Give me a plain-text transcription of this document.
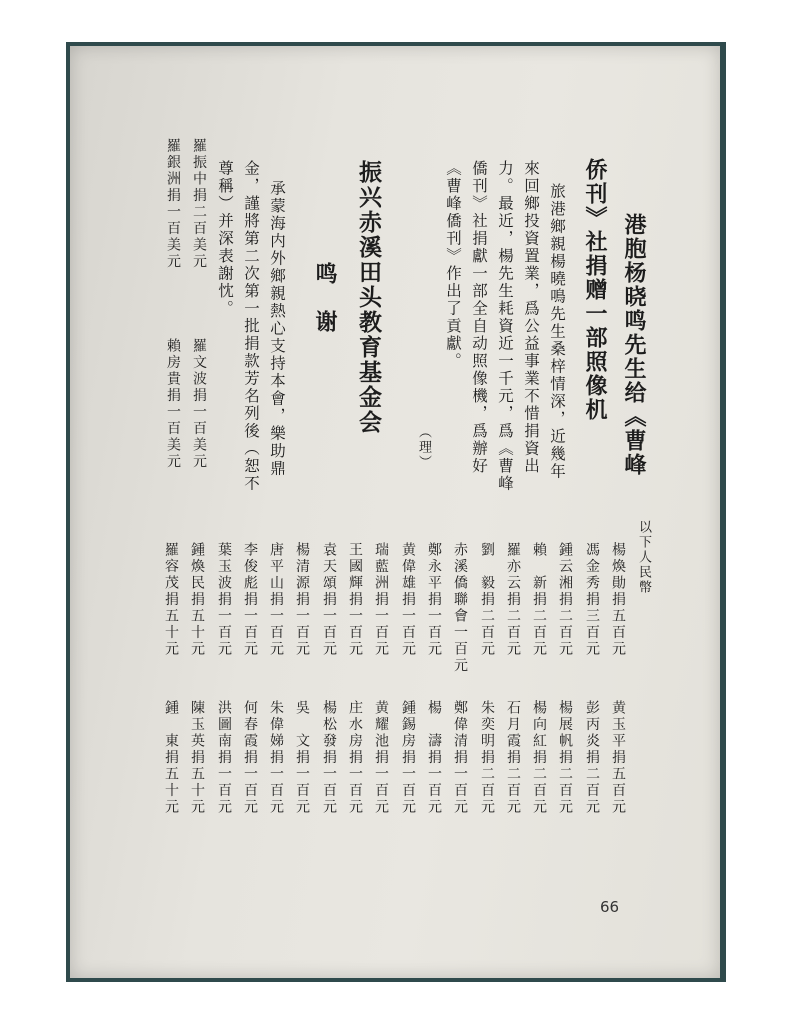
港胞杨晓鸣先生给《曹峰

侨刊》社捐赠一部照像机

旅港鄉親楊曉鳴先生桑梓情深，近幾年

來回鄉投資置業，爲公益事業不惜捐資出

力。最近，楊先生耗資近一千元，爲《曹峰

僑刊》社捐獻一部全自动照像機，爲辦好

《曹峰僑刊》作出了貢獻。

（理）

振兴赤溪田头教育基金会

鸣　谢

承蒙海内外鄉親熱心支持本會，樂助鼎

金，謹將第二次第一批捐款芳名列後（恕不

尊稱）并深表謝忱。

羅文波捐一百美元

羅振中捐二百美元

賴房貴捐一百美元

羅銀洲捐一百美元

以下人民幣

楊煥勛捐五百元

黄玉平捐五百元

馮金秀捐三百元

彭丙炎捐二百元

鍾云湘捐二百元

楊展帆捐二百元

賴　新捐二百元

楊向紅捐二百元

羅亦云捐二百元

石月霞捐二百元

劉　毅捐二百元

朱奕明捐二百元

赤溪僑聯會一百元

鄭偉清捐一百元

鄭永平捐一百元

楊　濤捐一百元

黄偉雄捐一百元

鍾錫房捐一百元

瑞藍洲捐一百元

黄耀池捐一百元

王國輝捐一百元

庄水房捐一百元

袁天頌捐一百元

楊松發捐一百元

楊清源捐一百元

吳　文捐一百元

唐平山捐一百元

朱偉娣捐一百元

李俊彪捐一百元

何春霞捐一百元

葉玉波捐一百元

洪圖南捐一百元

鍾煥民捐五十元

陳玉英捐五十元

羅容茂捐五十元

鍾　東捐五十元

66
